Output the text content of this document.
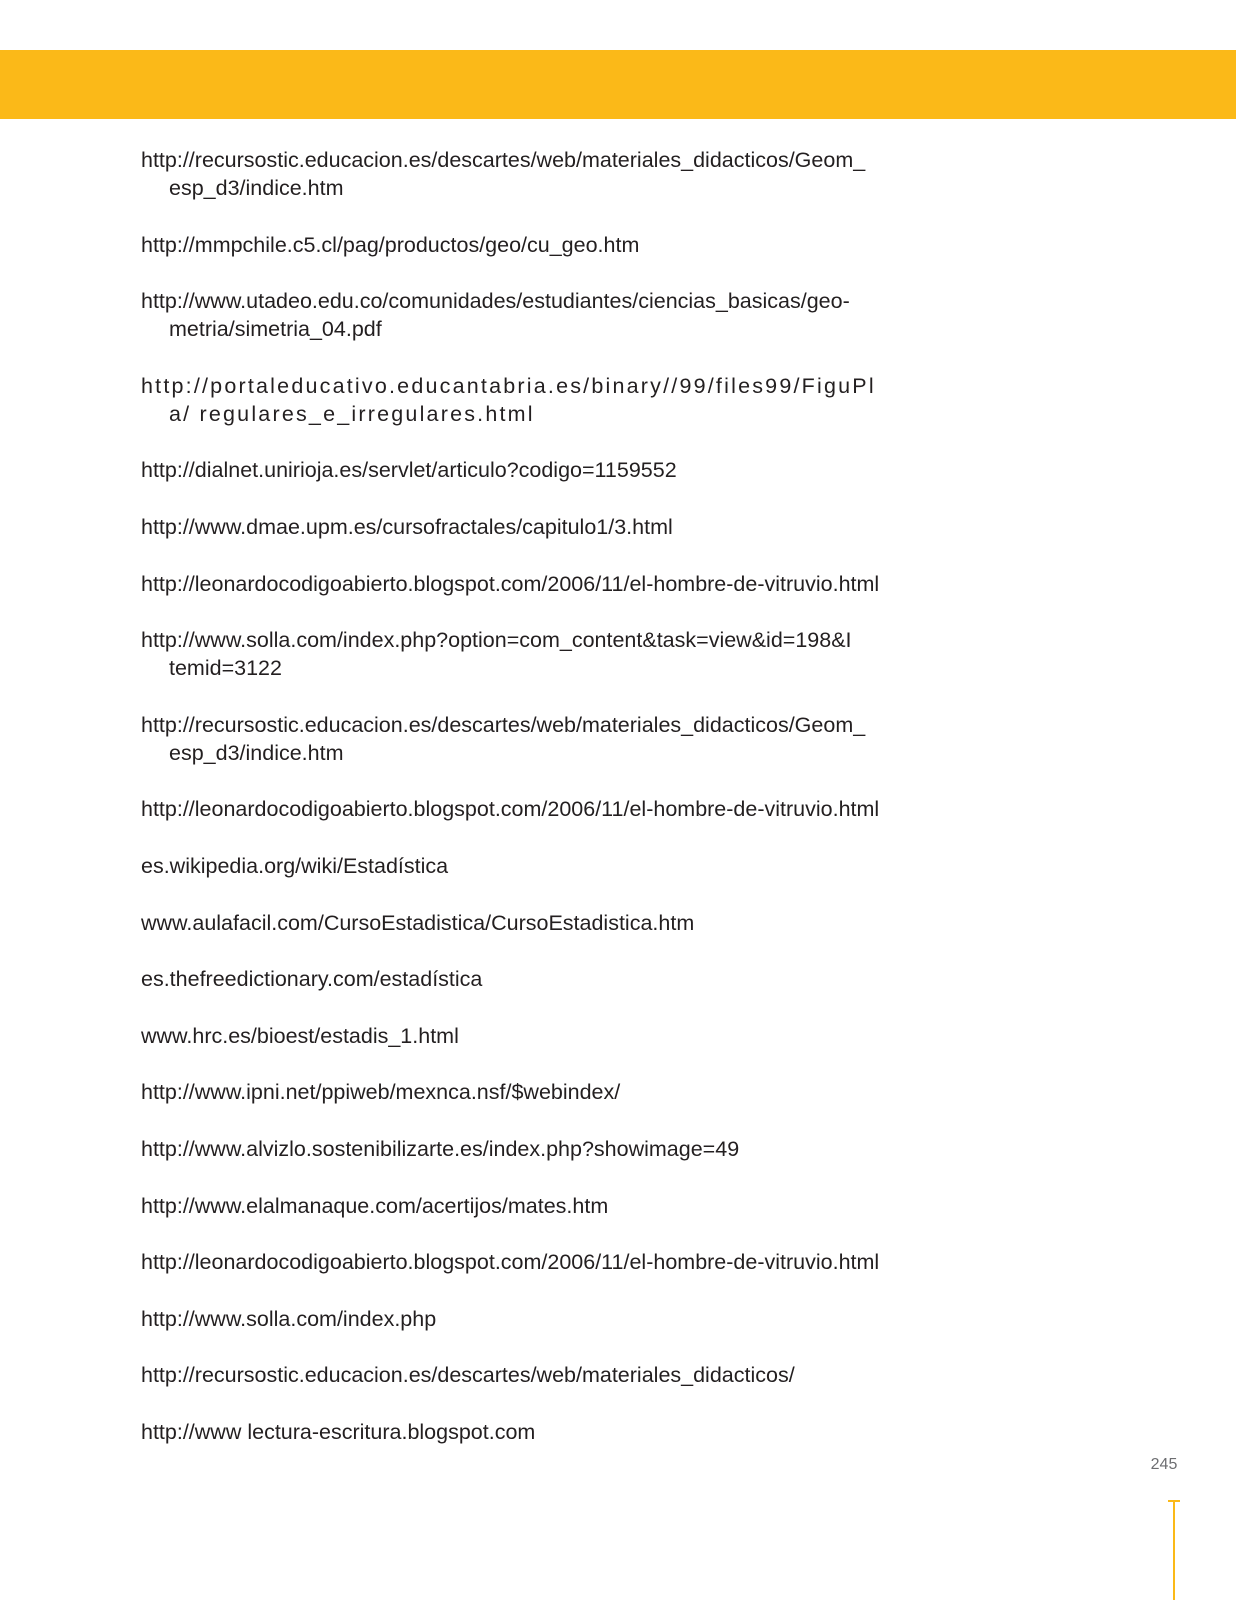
http://recursostic.educacion.es/descartes/web/materiales_didacticos/Geom_ esp_d3/indice.htm
http://mmpchile.c5.cl/pag/productos/geo/cu_geo.htm
http://www.utadeo.edu.co/comunidades/estudiantes/ciencias_basicas/geo- metria/simetria_04.pdf
http://portaleducativo.educantabria.es/binary//99/files99/FiguPla/ regulares_e_irregulares.html
http://dialnet.unirioja.es/servlet/articulo?codigo=1159552
http://www.dmae.upm.es/cursofractales/capitulo1/3.html
http://leonardocodigoabierto.blogspot.com/2006/11/el-hombre-de-vitruvio.html
http://www.solla.com/index.php?option=com_content&task=view&id=198&I temid=3122
http://recursostic.educacion.es/descartes/web/materiales_didacticos/Geom_ esp_d3/indice.htm
http://leonardocodigoabierto.blogspot.com/2006/11/el-hombre-de-vitruvio.html
es.wikipedia.org/wiki/Estadística
www.aulafacil.com/CursoEstadistica/CursoEstadistica.htm
es.thefreedictionary.com/estadística
www.hrc.es/bioest/estadis_1.html
http://www.ipni.net/ppiweb/mexnca.nsf/$webindex/
http://www.alvizlo.sostenibilizarte.es/index.php?showimage=49
http://www.elalmanaque.com/acertijos/mates.htm
http://leonardocodigoabierto.blogspot.com/2006/11/el-hombre-de-vitruvio.html
http://www.solla.com/index.php
http://recursostic.educacion.es/descartes/web/materiales_didacticos/
http://www lectura-escritura.blogspot.com
245
